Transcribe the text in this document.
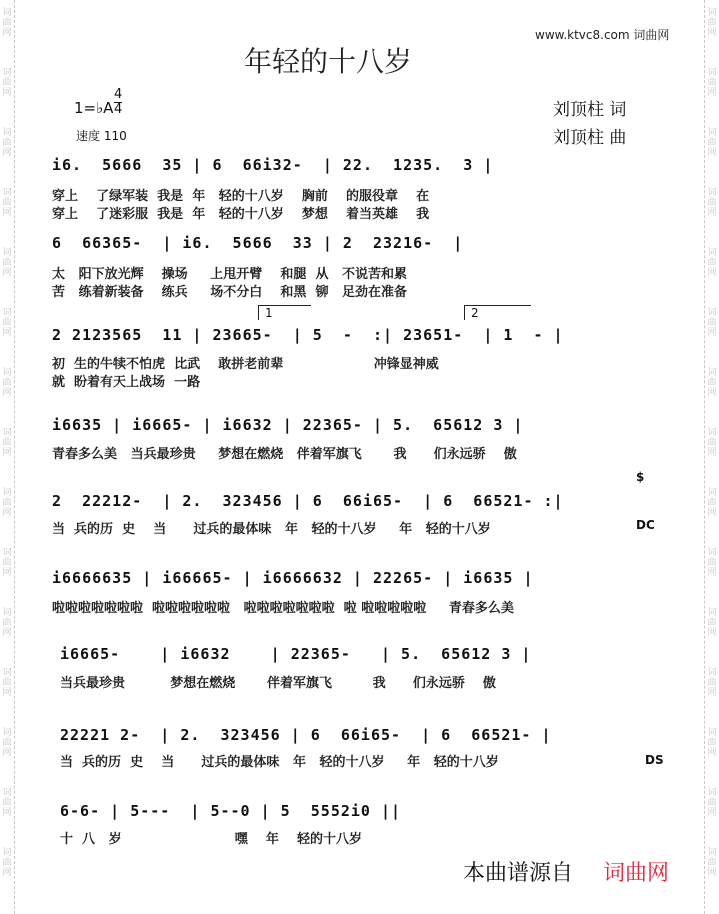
词
曲
网
词
曲
网
词
曲
网
词
曲
网
词
曲
网
词
曲
网
词
曲
网
词
曲
网
词
曲
网
词
曲
网
词
曲
网
词
曲
网
词
曲
网
词
曲
网
词
曲
网
词
曲
网
词
曲
网
词
曲
网
词
曲
网
词
曲
网
词
曲
网
词
曲
网
词
曲
网
词
曲
网
词
曲
网
词
曲
网
词
曲
网
词
曲
网
词
曲
网
词
曲
网
www.ktvc8.com 词曲网
年轻的十八岁
1=♭A
4
4
速度 110
刘顶柱 词
刘顶柱 曲
i6.  5666  35 | 6  66i32-  | 22.  1235.  3 |
穿上    了绿军装  我是  年   轻的十八岁    胸前    的服役章    在
穿上    了迷彩服  我是  年   轻的十八岁    梦想    着当英雄    我
6  66365-  | i6.  5666  33 | 2  23216-  |
太   阳下放光辉    操场     上甩开臂    和腿  从   不说苦和累
苦   练着新装备    练兵     场不分白    和黑  铆   足劲在准备
1	2
2 2123565  11 | 23665-  | 5  -  :| 23651-  | 1  - |
初  生的牛犊不怕虎  比武    敢拼老前辈                    冲锋显神威
就  盼着有天上战场  一路
i6635 | i6665- | i6632 | 22365- | 5.  65612 3 |
青春多么美   当兵最珍贵     梦想在燃烧   伴着军旗飞       我      们永远骄    傲
$
2  22212-  | 2.  323456 | 6  66i65-  | 6  66521- :|
当  兵的历  史    当      过兵的最体味   年   轻的十八岁     年   轻的十八岁	DC
i6666635 | i66665- | i6666632 | 22265- | i6635 |
啦啦啦啦啦啦啦  啦啦啦啦啦啦   啦啦啦啦啦啦啦  啦 啦啦啦啦啦     青春多么美
i6665-    | i6632    | 22365-   | 5.  65612 3 |
当兵最珍贵          梦想在燃烧       伴着军旗飞         我      们永远骄    傲
22221 2-  | 2.  323456 | 6  66i65-  | 6  66521- |
当  兵的历  史    当      过兵的最体味   年   轻的十八岁     年   轻的十八岁	DS
6-6- | 5---  | 5--0 | 5  5552i0 ||
十  八   岁                         嘿    年    轻的十八岁
本曲谱源自 词曲网
